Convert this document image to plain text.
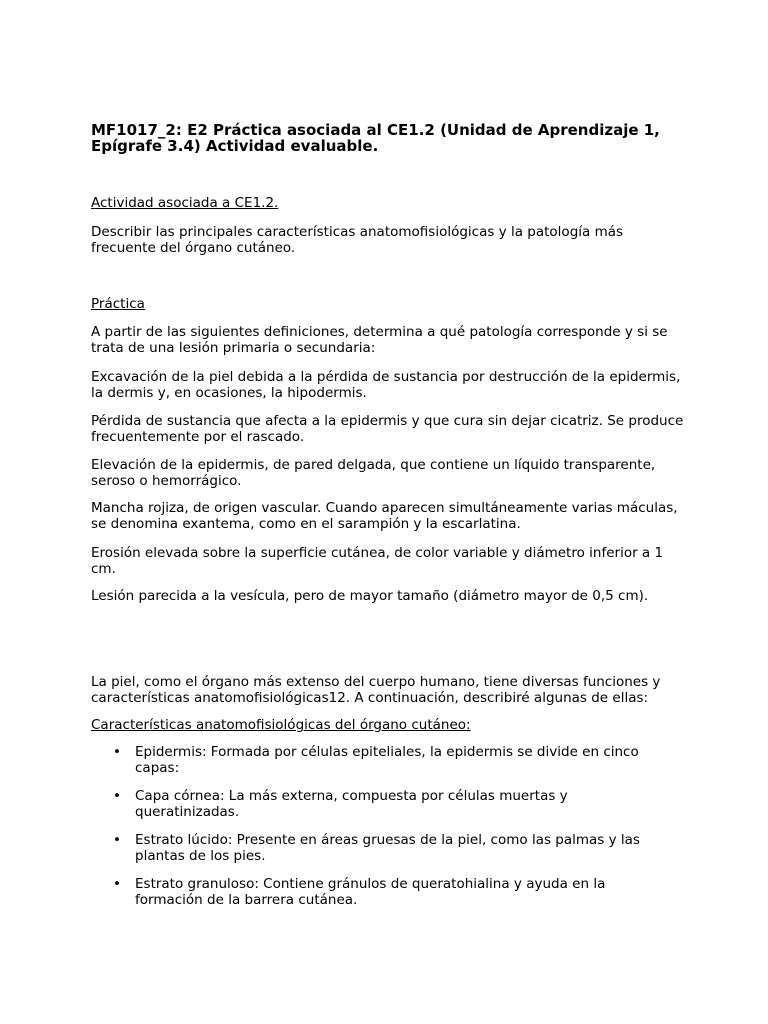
MF1017_2: E2 Práctica asociada al CE1.2 (Unidad de Aprendizaje 1, Epígrafe 3.4) Actividad evaluable.

Actividad asociada a CE1.2.

Describir las principales características anatomofisiológicas y la patología más frecuente del órgano cutáneo.

Práctica

A partir de las siguientes definiciones, determina a qué patología corresponde y si se trata de una lesión primaria o secundaria:

Excavación de la piel debida a la pérdida de sustancia por destrucción de la epidermis, la dermis y, en ocasiones, la hipodermis.

Pérdida de sustancia que afecta a la epidermis y que cura sin dejar cicatriz. Se produce frecuentemente por el rascado.

Elevación de la epidermis, de pared delgada, que contiene un líquido transparente, seroso o hemorrágico.

Mancha rojiza, de origen vascular. Cuando aparecen simultáneamente varias máculas, se denomina exantema, como en el sarampión y la escarlatina.

Erosión elevada sobre la superficie cutánea, de color variable y diámetro inferior a 1 cm.

Lesión parecida a la vesícula, pero de mayor tamaño (diámetro mayor de 0,5 cm).

La piel, como el órgano más extenso del cuerpo humano, tiene diversas funciones y características anatomofisiológicas12. A continuación, describiré algunas de ellas:

Características anatomofisiológicas del órgano cutáneo:

• Epidermis: Formada por células epiteliales, la epidermis se divide en cinco capas:
• Capa córnea: La más externa, compuesta por células muertas y queratinizadas.
• Estrato lúcido: Presente en áreas gruesas de la piel, como las palmas y las plantas de los pies.
• Estrato granuloso: Contiene gránulos de queratohialina y ayuda en la formación de la barrera cutánea.
